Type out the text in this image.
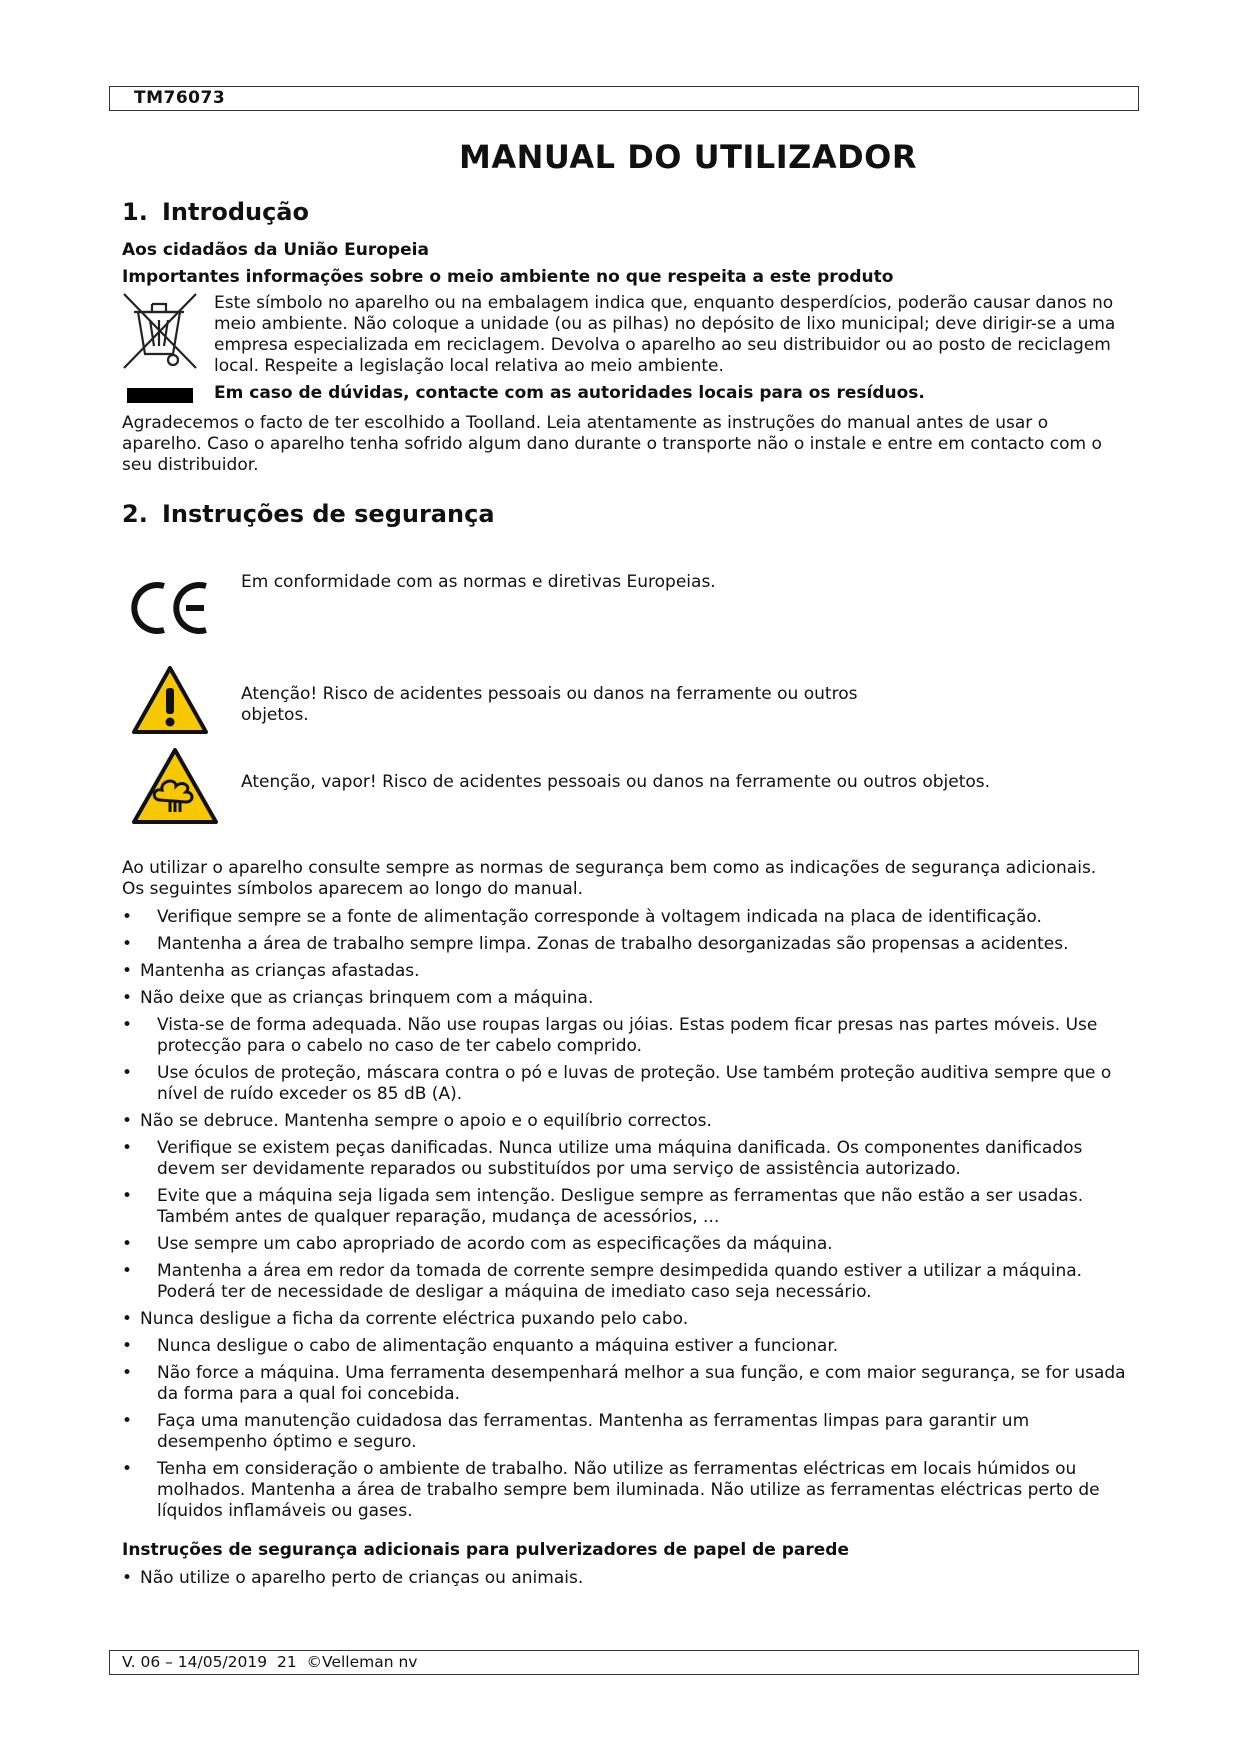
TM76073
MANUAL DO UTILIZADOR
1. Introdução
Aos cidadãos da União Europeia
Importantes informações sobre o meio ambiente no que respeita a este produto
Este símbolo no aparelho ou na embalagem indica que, enquanto desperdícios, poderão causar danos no meio ambiente. Não coloque a unidade (ou as pilhas) no depósito de lixo municipal; deve dirigir-se a uma empresa especializada em reciclagem. Devolva o aparelho ao seu distribuidor ou ao posto de reciclagem local. Respeite a legislação local relativa ao meio ambiente.
Em caso de dúvidas, contacte com as autoridades locais para os resíduos.
Agradecemos o facto de ter escolhido a Toolland. Leia atentamente as instruções do manual antes de usar o aparelho. Caso o aparelho tenha sofrido algum dano durante o transporte não o instale e entre em contacto com o seu distribuidor.
2. Instruções de segurança
Em conformidade com as normas e diretivas Europeias.
Atenção! Risco de acidentes pessoais ou danos na ferramente ou outros objetos.
Atenção, vapor! Risco de acidentes pessoais ou danos na ferramente ou outros objetos.
Ao utilizar o aparelho consulte sempre as normas de segurança bem como as indicações de segurança adicionais. Os seguintes símbolos aparecem ao longo do manual.
• Verifique sempre se a fonte de alimentação corresponde à voltagem indicada na placa de identificação.
• Mantenha a área de trabalho sempre limpa. Zonas de trabalho desorganizadas são propensas a acidentes.
• Mantenha as crianças afastadas.
• Não deixe que as crianças brinquem com a máquina.
• Vista-se de forma adequada. Não use roupas largas ou jóias. Estas podem ficar presas nas partes móveis. Use protecção para o cabelo no caso de ter cabelo comprido.
• Use óculos de proteção, máscara contra o pó e luvas de proteção. Use também proteção auditiva sempre que o nível de ruído exceder os 85 dB (A).
• Não se debruce. Mantenha sempre o apoio e o equilíbrio correctos.
• Verifique se existem peças danificadas. Nunca utilize uma máquina danificada. Os componentes danificados devem ser devidamente reparados ou substituídos por uma serviço de assistência autorizado.
• Evite que a máquina seja ligada sem intenção. Desligue sempre as ferramentas que não estão a ser usadas. Também antes de qualquer reparação, mudança de acessórios, ...
• Use sempre um cabo apropriado de acordo com as especificações da máquina.
• Mantenha a área em redor da tomada de corrente sempre desimpedida quando estiver a utilizar a máquina. Poderá ter de necessidade de desligar a máquina de imediato caso seja necessário.
• Nunca desligue a ficha da corrente eléctrica puxando pelo cabo.
• Nunca desligue o cabo de alimentação enquanto a máquina estiver a funcionar.
• Não force a máquina. Uma ferramenta desempenhará melhor a sua função, e com maior segurança, se for usada da forma para a qual foi concebida.
• Faça uma manutenção cuidadosa das ferramentas. Mantenha as ferramentas limpas para garantir um desempenho óptimo e seguro.
• Tenha em consideração o ambiente de trabalho. Não utilize as ferramentas eléctricas em locais húmidos ou molhados. Mantenha a área de trabalho sempre bem iluminada. Não utilize as ferramentas eléctricas perto de líquidos inflamáveis ou gases.
Instruções de segurança adicionais para pulverizadores de papel de parede
• Não utilize o aparelho perto de crianças ou animais.
V. 06 – 14/05/2019  21  ©Velleman nv
